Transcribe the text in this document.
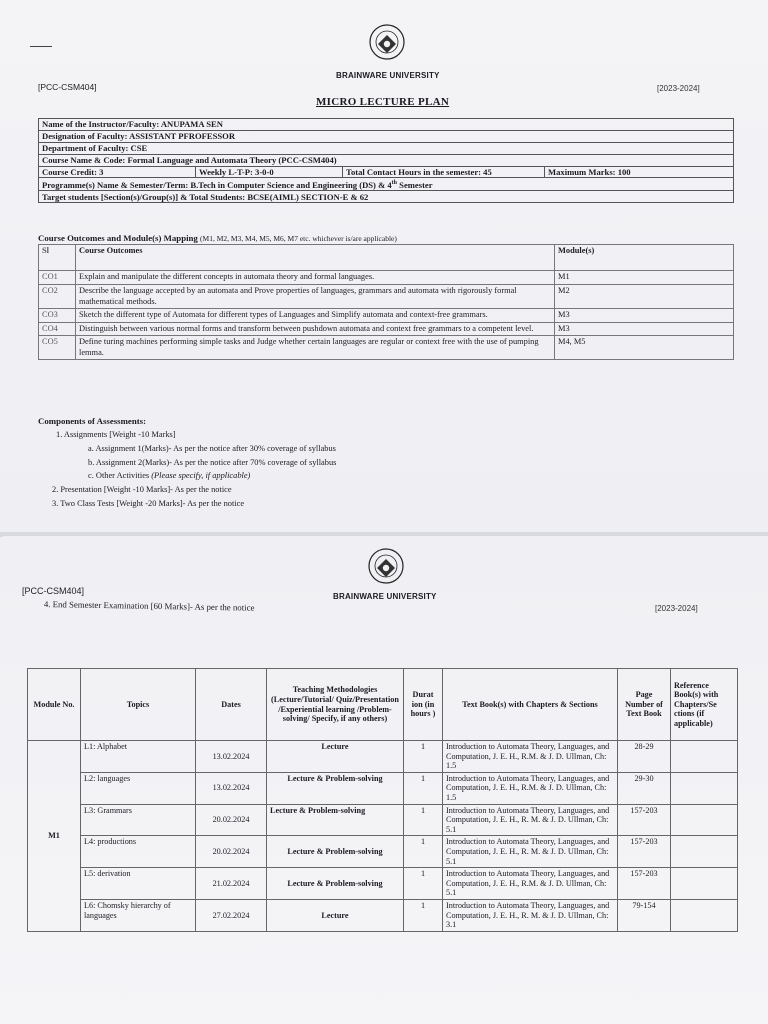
BRAINWARE UNIVERSITY
[PCC-CSM404]	[2023-2024]
MICRO LECTURE PLAN
Name of the Instructor/Faculty: ANUPAMA SEN
Designation of Faculty: ASSISTANT PFROFESSOR
Department of Faculty: CSE
Course Name & Code: Formal Language and Automata Theory (PCC-CSM404)
Course Credit: 3	Weekly L-T-P: 3-0-0	Total Contact Hours in the semester: 45	Maximum Marks: 100
Programme(s) Name & Semester/Term: B.Tech in Computer Science and Engineering (DS) & 4th Semester
Target students [Section(s)/Group(s)] & Total Students: BCSE(AIML) SECTION-E & 62
Course Outcomes and Module(s) Mapping (M1, M2, M3, M4, M5, M6, M7 etc. whichever is/are applicable)
Sl	Course Outcomes	Module(s)
CO1	Explain and manipulate the different concepts in automata theory and formal languages.	M1
CO2	Describe the language accepted by an automata and Prove properties of languages, grammars and automata with rigorously formal mathematical methods.	M2
CO3	Sketch the different type of Automata for different types of Languages and Simplify automata and context-free grammars.	M3
CO4	Distinguish between various normal forms and transform between pushdown automata and context free grammars to a competent level.	M3
CO5	Define turing machines performing simple tasks and Judge whether certain languages are regular or context free with the use of pumping lemma.	M4, M5
Components of Assessments:
1. Assignments [Weight -10 Marks]
a. Assignment 1(Marks)- As per the notice after 30% coverage of syllabus
b. Assignment 2(Marks)- As per the notice after 70% coverage of syllabus
c. Other Activities (Please specify, if applicable)
2. Presentation [Weight -10 Marks]- As per the notice
3. Two Class Tests [Weight -20 Marks]- As per the notice
BRAINWARE UNIVERSITY
[PCC-CSM404]
[2023-2024]
4. End Semester Examination [60 Marks]- As per the notice
Module No.	Topics	Dates	Teaching Methodologies (Lecture/Tutorial/ Quiz/Presentation /Experiential learning /Problem-solving/ Specify, if any others)	Durat ion (in hours )	Text Book(s) with Chapters & Sections	Page Number of Text Book	Reference Book(s) with Chapters/Se ctions (if applicable)
M1	L1: Alphabet	13.02.2024	Lecture	1	Introduction to Automata Theory, Languages, and Computation, J. E. H., R.M. & J. D. Ullman, Ch: 1.5	28-29	
	L2: languages	13.02.2024	Lecture & Problem-solving	1	Introduction to Automata Theory, Languages, and Computation, J. E. H., R.M. & J. D. Ullman, Ch: 1.5	29-30	
	L3: Grammars	20.02.2024	Lecture & Problem-solving	1	Introduction to Automata Theory, Languages, and Computation, J. E. H., R. M. & J. D. Ullman, Ch: 5.1	157-203	
	L4: productions	20.02.2024	Lecture & Problem-solving	1	Introduction to Automata Theory, Languages, and Computation, J. E. H., R. M. & J. D. Ullman, Ch: 5.1	157-203	
	L5: derivation	21.02.2024	Lecture & Problem-solving	1	Introduction to Automata Theory, Languages, and Computation, J. E. H., R.M. & J. D. Ullman, Ch: 5.1	157-203	
	L6: Chomsky hierarchy of languages	27.02.2024	Lecture	1	Introduction to Automata Theory, Languages, and Computation, J. E. H., R. M. & J. D. Ullman, Ch: 3.1	79-154	
